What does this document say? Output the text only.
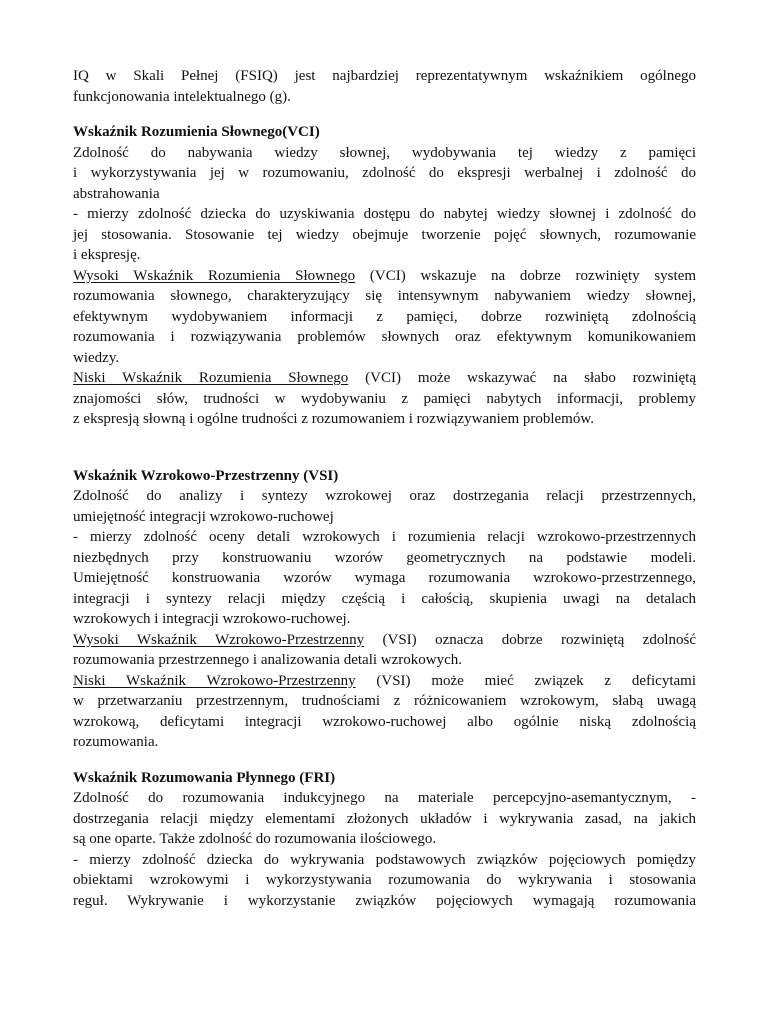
IQ w Skali Pełnej (FSIQ) jest najbardziej reprezentatywnym wskaźnikiem ogólnego
funkcjonowania intelektualnego (g).
Wskaźnik Rozumienia Słownego(VCI)
Zdolność do nabywania wiedzy słownej, wydobywania tej wiedzy z pamięci
i wykorzystywania jej w rozumowaniu, zdolność do ekspresji werbalnej i zdolność do
abstrahowania
- mierzy zdolność dziecka do uzyskiwania dostępu do nabytej wiedzy słownej i zdolność do
jej stosowania. Stosowanie tej wiedzy obejmuje tworzenie pojęć słownych, rozumowanie
i ekspresję.
Wysoki Wskaźnik Rozumienia Słownego (VCI) wskazuje na dobrze rozwinięty system
rozumowania słownego, charakteryzujący się intensywnym nabywaniem wiedzy słownej,
efektywnym wydobywaniem informacji z pamięci, dobrze rozwiniętą zdolnością
rozumowania i rozwiązywania problemów słownych oraz efektywnym komunikowaniem
wiedzy.
Niski Wskaźnik Rozumienia Słownego (VCI) może wskazywać na słabo rozwiniętą
znajomości słów, trudności w wydobywaniu z pamięci nabytych informacji, problemy
z ekspresją słowną i ogólne trudności z rozumowaniem i rozwiązywaniem problemów.
Wskaźnik Wzrokowo-Przestrzenny (VSI)
Zdolność do analizy i syntezy wzrokowej oraz dostrzegania relacji przestrzennych,
umiejętność integracji wzrokowo-ruchowej
- mierzy zdolność oceny detali wzrokowych i rozumienia relacji wzrokowo-przestrzennych
niezbędnych przy konstruowaniu wzorów geometrycznych na podstawie modeli.
Umiejętność konstruowania wzorów wymaga rozumowania wzrokowo-przestrzennego,
integracji i syntezy relacji między częścią i całością, skupienia uwagi na detalach
wzrokowych i integracji wzrokowo-ruchowej.
Wysoki Wskaźnik Wzrokowo-Przestrzenny (VSI) oznacza dobrze rozwiniętą zdolność
rozumowania przestrzennego i analizowania detali wzrokowych.
Niski Wskaźnik Wzrokowo-Przestrzenny (VSI) może mieć związek z deficytami
w przetwarzaniu przestrzennym, trudnościami z różnicowaniem wzrokowym, słabą uwagą
wzrokową, deficytami integracji wzrokowo-ruchowej albo ogólnie niską zdolnością
rozumowania.
Wskaźnik Rozumowania Płynnego (FRI)
Zdolność do rozumowania indukcyjnego na materiale percepcyjno-asemantycznym, -
dostrzegania relacji między elementami złożonych układów i wykrywania zasad, na jakich
są one oparte. Także zdolność do rozumowania ilościowego.
- mierzy zdolność dziecka do wykrywania podstawowych związków pojęciowych pomiędzy
obiektami wzrokowymi i wykorzystywania rozumowania do wykrywania i stosowania
reguł. Wykrywanie i wykorzystanie związków pojęciowych wymagają rozumowania
